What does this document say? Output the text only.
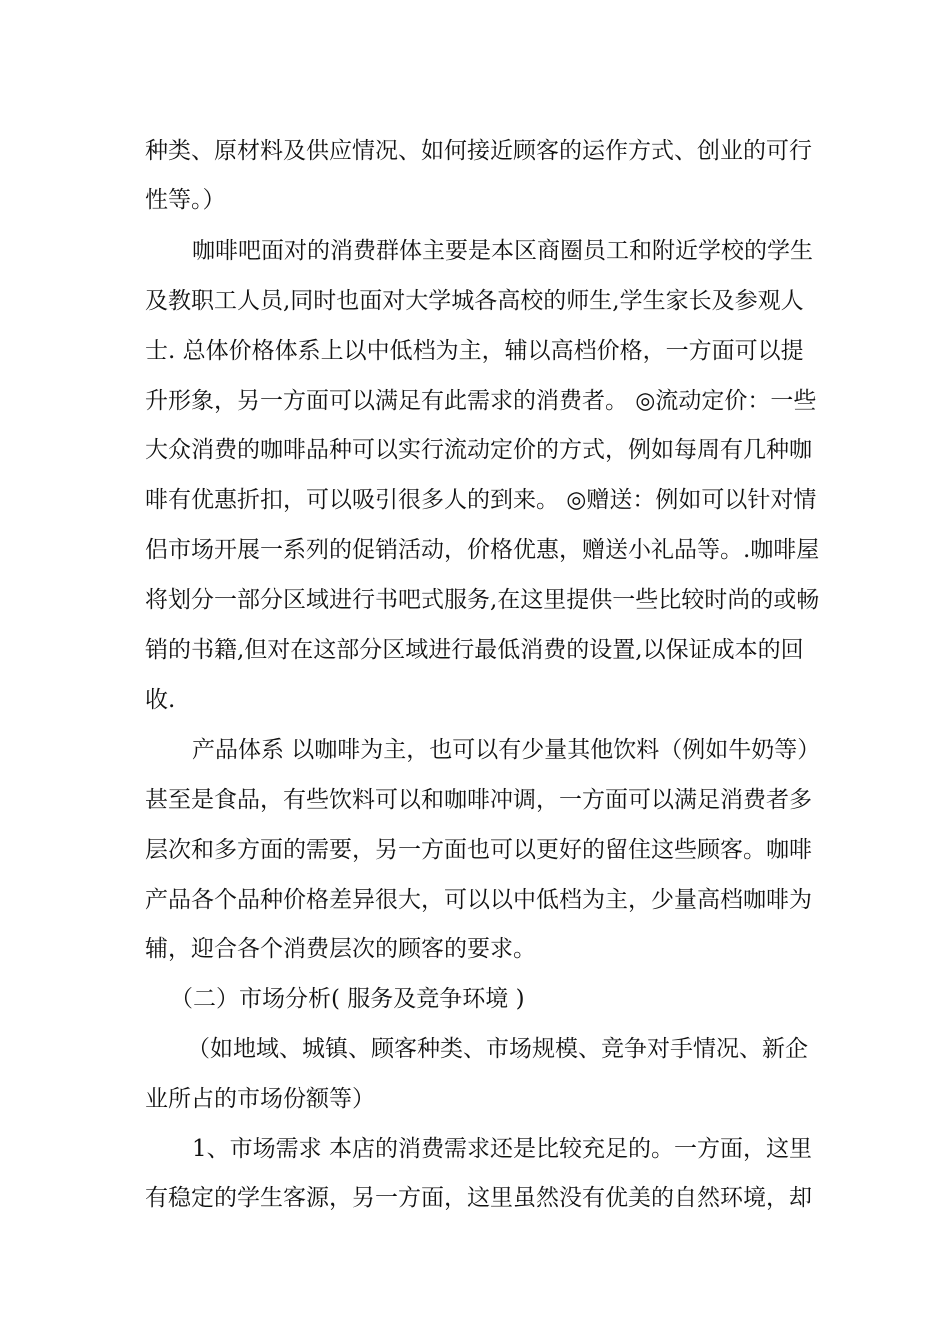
种类、原材料及供应情况、如何接近顾客的运作方式、创业的可行
性等。）
咖啡吧面对的消费群体主要是本区商圈员工和附近学校的学生
及教职工人员,同时也面对大学城各高校的师生,学生家长及参观人
士. 总体价格体系上以中低档为主，辅以高档价格，一方面可以提
升形象，另一方面可以满足有此需求的消费者。 ◎流动定价：一些
大众消费的咖啡品种可以实行流动定价的方式，例如每周有几种咖
啡有优惠折扣，可以吸引很多人的到来。 ◎赠送：例如可以针对情
侣市场开展一系列的促销活动，价格优惠，赠送小礼品等。.咖啡屋
将划分一部分区域进行书吧式服务,在这里提供一些比较时尚的或畅
销的书籍,但对在这部分区域进行最低消费的设置,以保证成本的回
收.
产品体系 以咖啡为主，也可以有少量其他饮料（例如牛奶等）
甚至是食品，有些饮料可以和咖啡冲调，一方面可以满足消费者多
层次和多方面的需要，另一方面也可以更好的留住这些顾客。咖啡
产品各个品种价格差异很大，可以以中低档为主，少量高档咖啡为
辅，迎合各个消费层次的顾客的要求。
（二）市场分析( 服务及竞争环境 )
（如地域、城镇、顾客种类、市场规模、竞争对手情况、新企
业所占的市场份额等）
1、市场需求 本店的消费需求还是比较充足的。一方面，这里
有稳定的学生客源，另一方面，这里虽然没有优美的自然环境，却
